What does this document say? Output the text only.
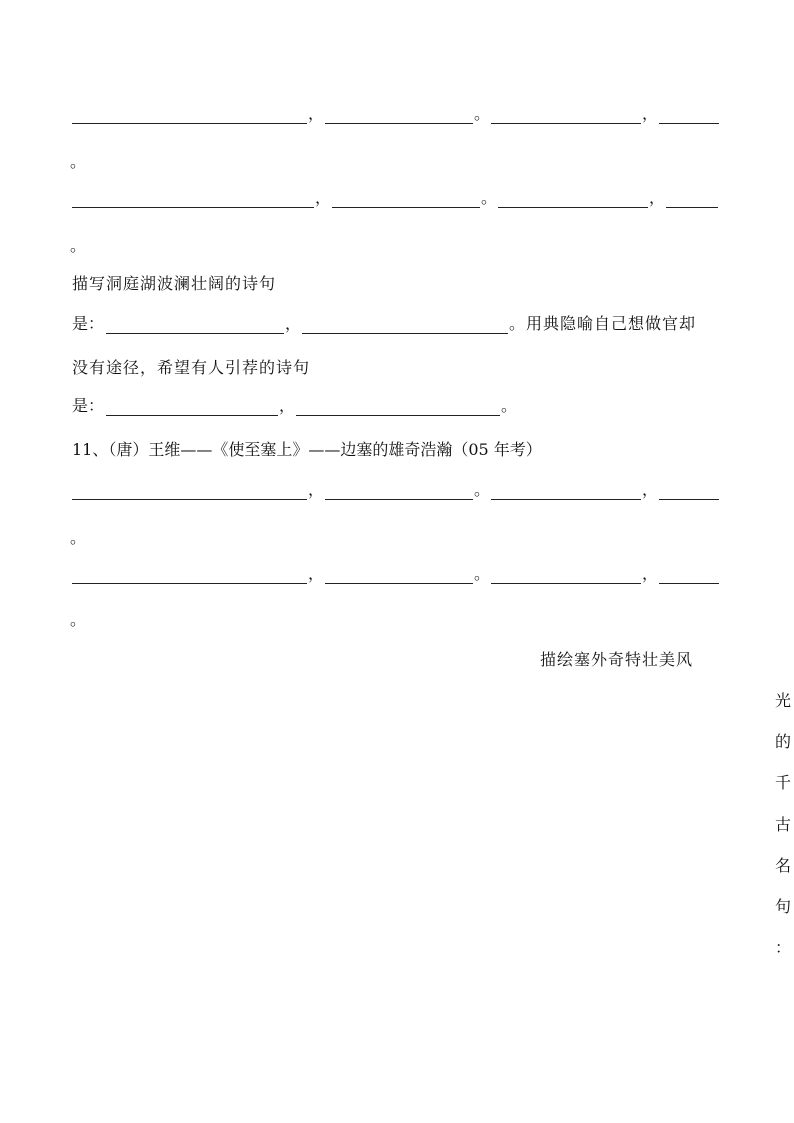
，	。	，
。
，	。	，
。
描写洞庭湖波澜壮阔的诗句
是：	，	。用典隐喻自己想做官却
没有途径，希望有人引荐的诗句
是：	，	。
11、（唐）王维——《使至塞上》——边塞的雄奇浩瀚（05 年考）
，	。	，
。
，	。	，
。
描绘塞外奇特壮美风
光
的
千
古
名
句
：
